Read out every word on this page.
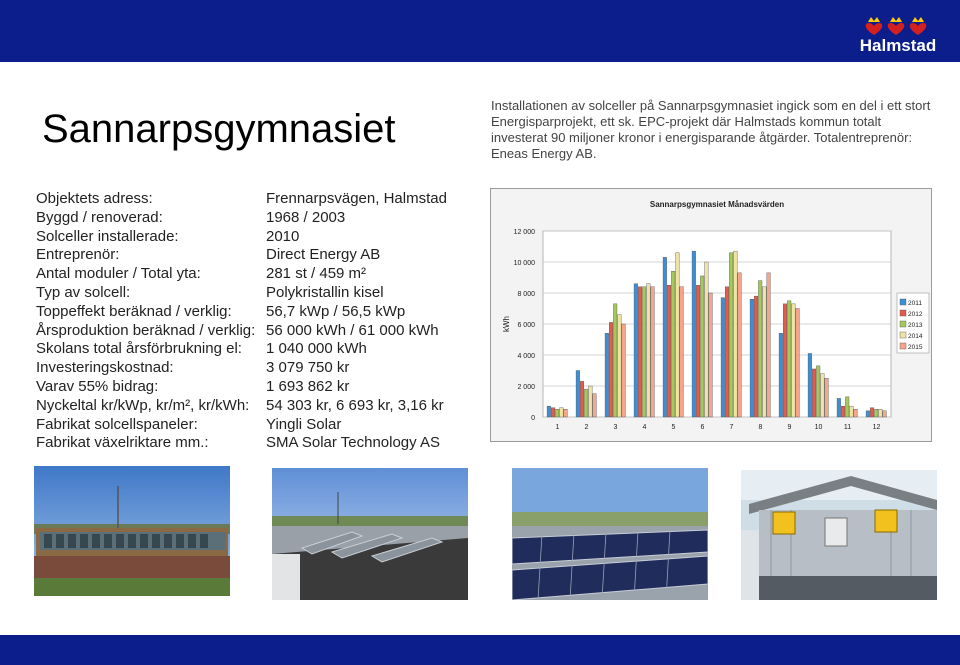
Halmstad
Sannarpsgymnasiet
Installationen av solceller på Sannarpsgymnasiet ingick som en del i ett stort Energisparprojekt, ett sk. EPC-projekt där Halmstads kommun totalt investerat 90 miljoner kronor i energisparande åtgärder. Totalentreprenör: Eneas Energy AB.
Objektets adress:	Frennarpsvägen, Halmstad
Byggd / renoverad:	1968 / 2003
Solceller installerade:	2010
Entreprenör:	Direct Energy AB
Antal moduler / Total yta:	281 st / 459 m²
Typ av solcell:	Polykristallin kisel
Toppeffekt beräknad / verklig:	56,7 kWp / 56,5 kWp
Årsproduktion beräknad / verklig: 56 000 kWh / 61 000 kWh
Skolans total årsförbrukning el:	1 040 000 kWh
Investeringskostnad:	3 079 750 kr
Varav 55% bidrag:	1 693 862 kr
Nyckeltal kr/kWp, kr/m², kr/kWh:	54 303 kr, 6 693 kr, 3,16 kr
Fabrikat solcellspaneler:	Yingli Solar
Fabrikat växelriktare mm.:	SMA Solar Technology AS
Sannarpsgymnasiet Månadsvärden
kWh
0
2 000
4 000
6 000
8 000
10 000
12 000
1	2	3	4	5	6	7	8	9	10	11	12
2011
2012
2013
2014
2015
